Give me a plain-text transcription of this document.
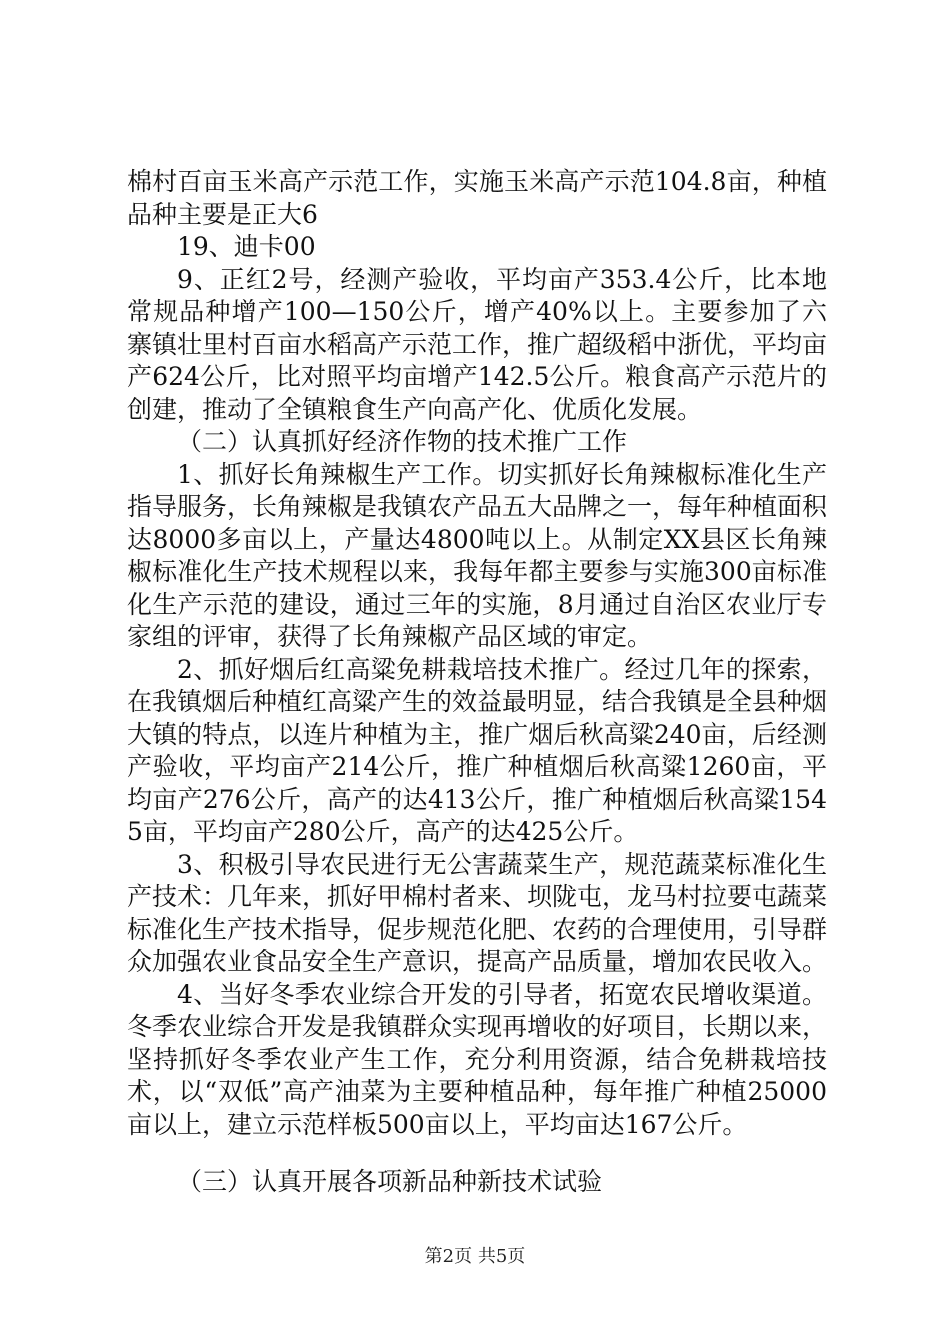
棉村百亩玉米高产示范工作，实施玉米高产示范104.8亩，种植品种主要是正大6

19、迪卡00

9、正红2号，经测产验收，平均亩产353.4公斤，比本地常规品种增产100—150公斤，增产40%以上。主要参加了六寨镇壮里村百亩水稻高产示范工作，推广超级稻中浙优，平均亩产624公斤，比对照平均亩增产142.5公斤。粮食高产示范片的创建，推动了全镇粮食生产向高产化、优质化发展。

（二）认真抓好经济作物的技术推广工作

1、抓好长角辣椒生产工作。切实抓好长角辣椒标准化生产指导服务，长角辣椒是我镇农产品五大品牌之一，每年种植面积达8000多亩以上，产量达4800吨以上。从制定XX县区长角辣椒标准化生产技术规程以来，我每年都主要参与实施300亩标准化生产示范的建设，通过三年的实施，8月通过自治区农业厅专家组的评审，获得了长角辣椒产品区域的审定。

2、抓好烟后红高粱免耕栽培技术推广。经过几年的探索，在我镇烟后种植红高粱产生的效益最明显，结合我镇是全县种烟大镇的特点，以连片种植为主，推广烟后秋高粱240亩，后经测产验收，平均亩产214公斤，推广种植烟后秋高粱1260亩，平均亩产276公斤，高产的达413公斤，推广种植烟后秋高粱1545亩，平均亩产280公斤，高产的达425公斤。

3、积极引导农民进行无公害蔬菜生产，规范蔬菜标准化生产技术：几年来，抓好甲棉村者来、坝陇屯，龙马村拉要屯蔬菜标准化生产技术指导，促步规范化肥、农药的合理使用，引导群众加强农业食品安全生产意识，提高产品质量，增加农民收入。

4、当好冬季农业综合开发的引导者，拓宽农民增收渠道。冬季农业综合开发是我镇群众实现再增收的好项目，长期以来，坚持抓好冬季农业产生工作，充分利用资源，结合免耕栽培技术，以“双低”高产油菜为主要种植品种，每年推广种植25000亩以上，建立示范样板500亩以上，平均亩达167公斤。

（三）认真开展各项新品种新技术试验

第2页 共5页
